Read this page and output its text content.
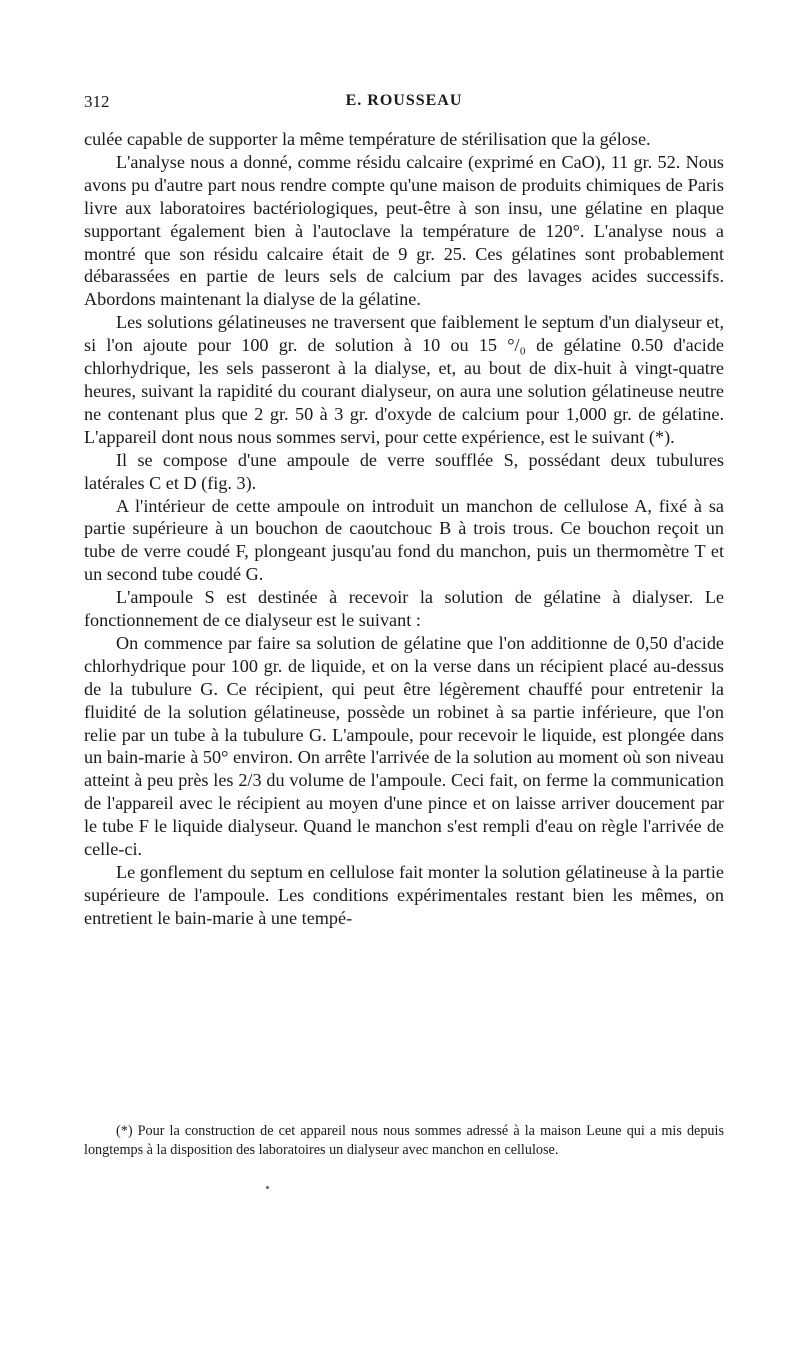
312	E. ROUSSEAU

culée capable de supporter la même température de stérilisation que la gélose.

L'analyse nous a donné, comme résidu calcaire (exprimé en CaO), 11 gr. 52. Nous avons pu d'autre part nous rendre compte qu'une maison de produits chimiques de Paris livre aux laboratoires bactériologiques, peut-être à son insu, une gélatine en plaque supportant également bien à l'autoclave la température de 120°. L'analyse nous a montré que son résidu calcaire était de 9 gr. 25. Ces gélatines sont probablement débarassées en partie de leurs sels de calcium par des lavages acides successifs. Abordons maintenant la dialyse de la gélatine.

Les solutions gélatineuses ne traversent que faiblement le septum d'un dialyseur et, si l'on ajoute pour 100 gr. de solution à 10 ou 15 °/₀ de gélatine 0.50 d'acide chlorhydrique, les sels passeront à la dialyse, et, au bout de dix-huit à vingt-quatre heures, suivant la rapidité du courant dialyseur, on aura une solution gélatineuse neutre ne contenant plus que 2 gr. 50 à 3 gr. d'oxyde de calcium pour 1,000 gr. de gélatine. L'appareil dont nous nous sommes servi, pour cette expérience, est le suivant (*).

Il se compose d'une ampoule de verre soufflée S, possédant deux tubulures latérales C et D (fig. 3).

A l'intérieur de cette ampoule on introduit un manchon de cellulose A, fixé à sa partie supérieure à un bouchon de caoutchouc B à trois trous. Ce bouchon reçoit un tube de verre coudé F, plongeant jusqu'au fond du manchon, puis un thermomètre T et un second tube coudé G.

L'ampoule S est destinée à recevoir la solution de gélatine à dialyser. Le fonctionnement de ce dialyseur est le suivant :

On commence par faire sa solution de gélatine que l'on additionne de 0,50 d'acide chlorhydrique pour 100 gr. de liquide, et on la verse dans un récipient placé au-dessus de la tubulure G. Ce récipient, qui peut être légèrement chauffé pour entretenir la fluidité de la solution gélatineuse, possède un robinet à sa partie inférieure, que l'on relie par un tube à la tubulure G. L'ampoule, pour recevoir le liquide, est plongée dans un bain-marie à 50° environ. On arrête l'arrivée de la solution au moment où son niveau atteint à peu près les 2/3 du volume de l'ampoule. Ceci fait, on ferme la communication de l'appareil avec le récipient au moyen d'une pince et on laisse arriver doucement par le tube F le liquide dialyseur. Quand le manchon s'est rempli d'eau on règle l'arrivée de celle-ci.

Le gonflement du septum en cellulose fait monter la solution gélatineuse à la partie supérieure de l'ampoule. Les conditions expérimentales restant bien les mêmes, on entretient le bain-marie à une tempé-

(*) Pour la construction de cet appareil nous nous sommes adressé à la maison Leune qui a mis depuis longtemps à la disposition des laboratoires un dialyseur avec manchon en cellulose.
